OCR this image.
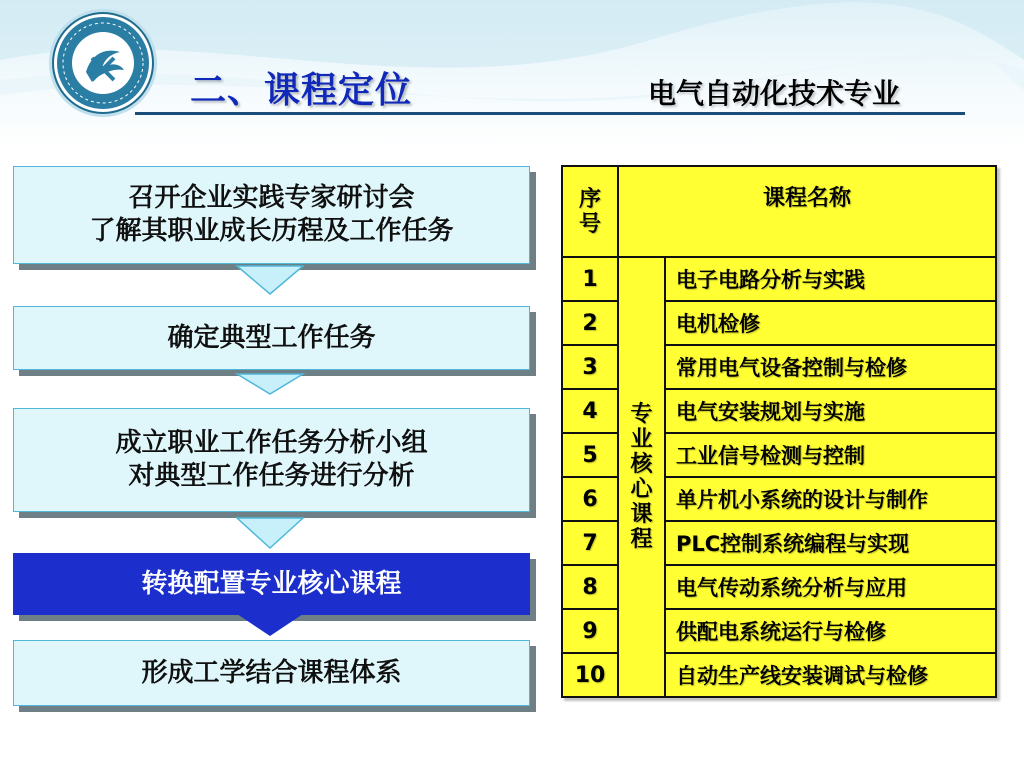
二、课程定位	电气自动化技术专业
召开企业实践专家研讨会
了解其职业成长历程及工作任务
确定典型工作任务
成立职业工作任务分析小组
对典型工作任务进行分析
转换配置专业核心课程
形成工学结合课程体系
序号	课程名称	
1	专业核心课程	电子电路分析与实践
2		电机检修
3		常用电气设备控制与检修
4		电气安装规划与实施
5		工业信号检测与控制
6		单片机小系统的设计与制作
7		PLC控制系统编程与实现
8		电气传动系统分析与应用
9		供配电系统运行与检修
10		自动生产线安装调试与检修
